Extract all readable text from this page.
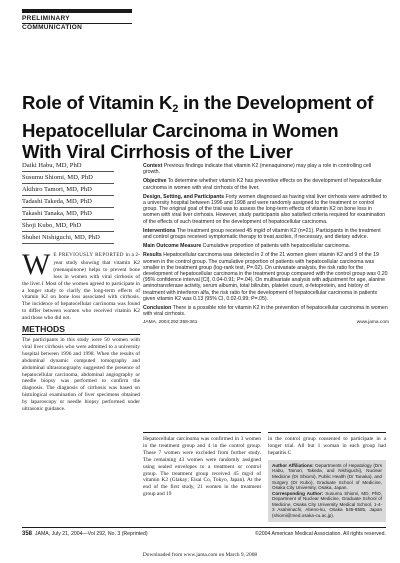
PRELIMINARY
COMMUNICATION
Role of Vitamin $K_2$ in the Development of Hepatocellular Carcinoma in Women With Viral Cirrhosis of the Liver
Daiki Habu, MD, PhD
Susumu Shiomi, MD, PhD
Akihiro Tamori, MD, PhD
Tadashi Takeda, MD, PhD
Takashi Tanaka, MD, PhD
Shoji Kubo, MD, PhD
Shuhei Nishiguchi, MD, PhD

Context Previous findings indicate that vitamin K2 (menaquinone) may play a role in controlling cell growth.

Objective To determine whether vitamin K2 has preventive effects on the development of hepatocellular carcinoma in women with viral cirrhosis of the liver.

Design, Setting, and Participants Forty women diagnosed as having viral liver cirrhosis were admitted to a university hospital between 1996 and 1998 and were randomly assigned to the treatment or control group. The original goal of the trial was to assess the long-term effects of vitamin K2 on bone loss in women with viral liver cirrhosis. However, study participants also satisfied criteria required for examination of the effects of such treatment on the development of hepatocellular carcinoma.

Interventions The treatment group received 45 mg/d of vitamin K2 (n=21). Participants in the treatment and control groups received symptomatic therapy to treat ascites, if necessary, and dietary advice.

Main Outcome Measure Cumulative proportion of patients with hepatocellular carcinoma.

Results Hepatocellular carcinoma was detected in 2 of the 21 women given vitamin K2 and 9 of the 19 women in the control group. The cumulative proportion of patients with hepatocellular carcinoma was smaller in the treatment group (log-rank test, P=.02). On univariate analysis, the risk ratio for the development of hepatocellular carcinoma in the treatment group compared with the control group was 0.20 (95% confidence interval [CI], 0.04-0.91; P=.04). On multivariate analysis with adjustment for age, alanine aminotransferase activity, serum albumin, total bilirubin, platelet count, α-fetoprotein, and history of treatment with interferon alfa, the risk ratio for the development of hepatocellular carcinoma in patients given vitamin K2 was 0.13 (95% CI, 0.02-0.99; P=.05).

Conclusion There is a possible role for vitamin K2 in the prevention of hepatocellular carcinoma in women with viral cirrhosis.

JAMA. 2004;292:358-361	www.jama.com

W E PREVIOUSLY REPORTED in a 2-year study showing that vitamin K2 (menaquinone) helps to prevent bone loss in women with viral cirrhosis of the liver.1 Most of the women agreed to participate in a longer study to clarify the long-term effects of vitamin K2 on bone loss associated with cirrhosis. The incidence of hepatocellular carcinoma was found to differ between women who received vitamin K2 and those who did not.

METHODS

The participants in this study were 50 women with viral liver cirrhosis who were admitted to a university hospital between 1996 and 1998. When the results of abdominal dynamic computed tomography and abdominal ultrasonography suggested the presence of hepatocellular carcinoma, abdominal angiography or needle biopsy was performed to confirm the diagnosis. The diagnosis of cirrhosis was based on histological examination of liver specimens obtained by laparoscopy or needle biopsy performed under ultrasonic guidance.

Hepatocellular carcinoma was confirmed in 3 women in the treatment group and 4 in the control group. These 7 women were excluded from further study. The remaining 43 women were randomly assigned using sealed envelopes to a treatment or control group. The treatment group received 45 mg/d of vitamin K2 (Glakay; Eisai Co, Tokyo, Japan). At the end of the first study, 21 women in the treatment group and 19

in the control group consented to participate in a longer trial. All but 1 woman in each group had hepatitis C

Author Affiliations: Departments of Hepatology (Drs Habu, Tamori, Takeda, and Nishiguchi), Nuclear Medicine (Dr Shiomi), Public Health (Dr Tanaka), and Surgery (Dr Kubo), Graduate School of Medicine, Osaka City University, Osaka, Japan.
Corresponding Author: Susumu Shiomi, MD, PhD, Department of Nuclear Medicine, Graduate School of Medicine, Osaka City University Medical School, 1-4-3 Asahimachi, Abeno-ku, Osaka 545-8585, Japan (shiomi@med.osaka-cu.ac.jp).
358 JAMA, July 21, 2004—Vol 292, No. 3 (Reprinted)	©2004 American Medical Association. All rights reserved.
Downloaded from www.jama.com on March 9, 2008
